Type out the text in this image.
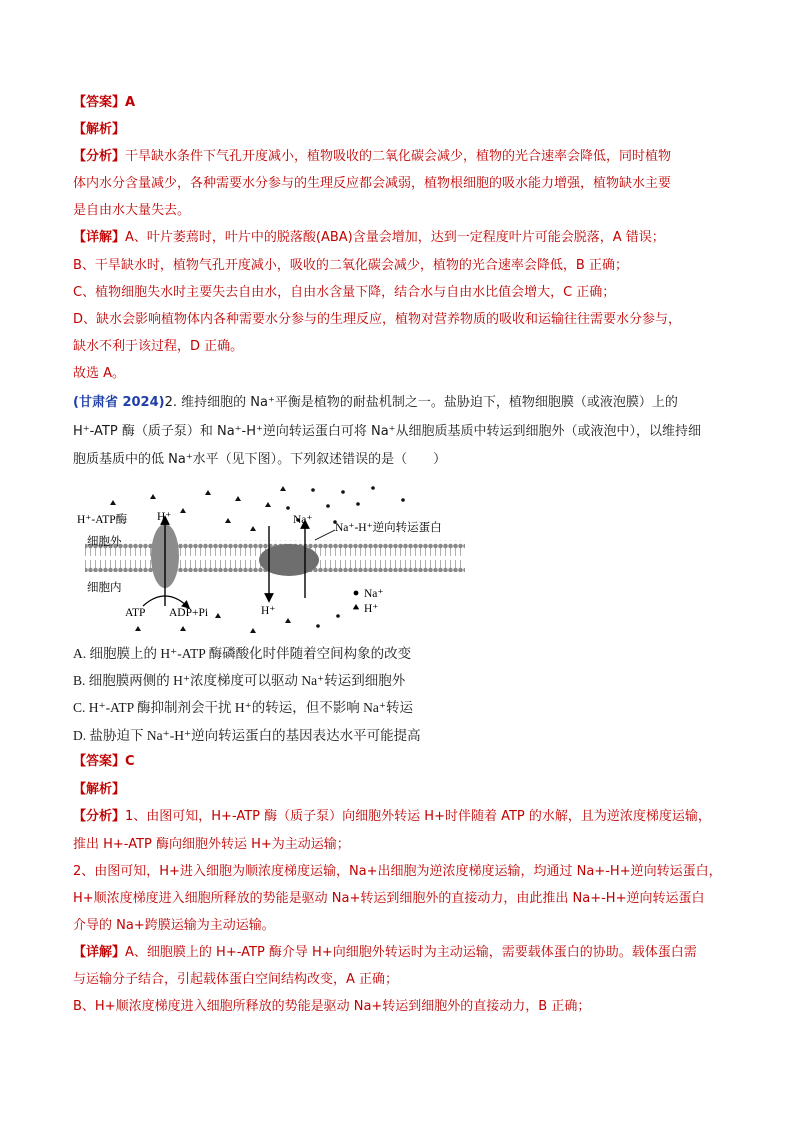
【答案】A
【解析】
【分析】干旱缺水条件下气孔开度减小，植物吸收的二氧化碳会减少，植物的光合速率会降低，同时植物
体内水分含量减少，各种需要水分参与的生理反应都会减弱，植物根细胞的吸水能力增强，植物缺水主要
是自由水大量失去。
【详解】A、叶片萎蔫时，叶片中的脱落酸(ABA)含量会增加，达到一定程度叶片可能会脱落，A 错误；
B、干旱缺水时，植物气孔开度减小，吸收的二氧化碳会减少，植物的光合速率会降低，B 正确；
C、植物细胞失水时主要失去自由水，自由水含量下降，结合水与自由水比值会增大，C 正确；
D、缺水会影响植物体内各种需要水分参与的生理反应，植物对营养物质的吸收和运输往往需要水分参与，
缺水不利于该过程，D 正确。
故选 A。
(甘肃省 2024)2. 维持细胞的 Na⁺平衡是植物的耐盐机制之一。盐胁迫下，植物细胞膜（或液泡膜）上的
H⁺-ATP 酶（质子泵）和 Na⁺-H⁺逆向转运蛋白可将 Na⁺从细胞质基质中转运到细胞外（或液泡中），以维持细
胞质基质中的低 Na⁺水平（见下图）。下列叙述错误的是（　　）
H⁺-ATP酶	H⁺
细胞外
细胞内
Na⁺
Na⁺-H⁺逆向转运蛋白
ATP ADP+Pi	H⁺
Na⁺
H⁺
A. 细胞膜上的 H⁺-ATP 酶磷酸化时伴随着空间构象的改变
B. 细胞膜两侧的 H⁺浓度梯度可以驱动 Na⁺转运到细胞外
C. H⁺-ATP 酶抑制剂会干扰 H⁺的转运，但不影响 Na⁺转运
D. 盐胁迫下 Na⁺-H⁺逆向转运蛋白的基因表达水平可能提高
【答案】C
【解析】
【分析】1、由图可知，H+-ATP 酶（质子泵）向细胞外转运 H+时伴随着 ATP 的水解，且为逆浓度梯度运输，
推出 H+-ATP 酶向细胞外转运 H+为主动运输；
2、由图可知，H+进入细胞为顺浓度梯度运输，Na+出细胞为逆浓度梯度运输，均通过 Na+-H+逆向转运蛋白，
H+顺浓度梯度进入细胞所释放的势能是驱动 Na+转运到细胞外的直接动力，由此推出 Na+-H+逆向转运蛋白
介导的 Na+跨膜运输为主动运输。
【详解】A、细胞膜上的 H+-ATP 酶介导 H+向细胞外转运时为主动运输，需要载体蛋白的协助。载体蛋白需
与运输分子结合，引起载体蛋白空间结构改变，A 正确；
B、H+顺浓度梯度进入细胞所释放的势能是驱动 Na+转运到细胞外的直接动力，B 正确；
